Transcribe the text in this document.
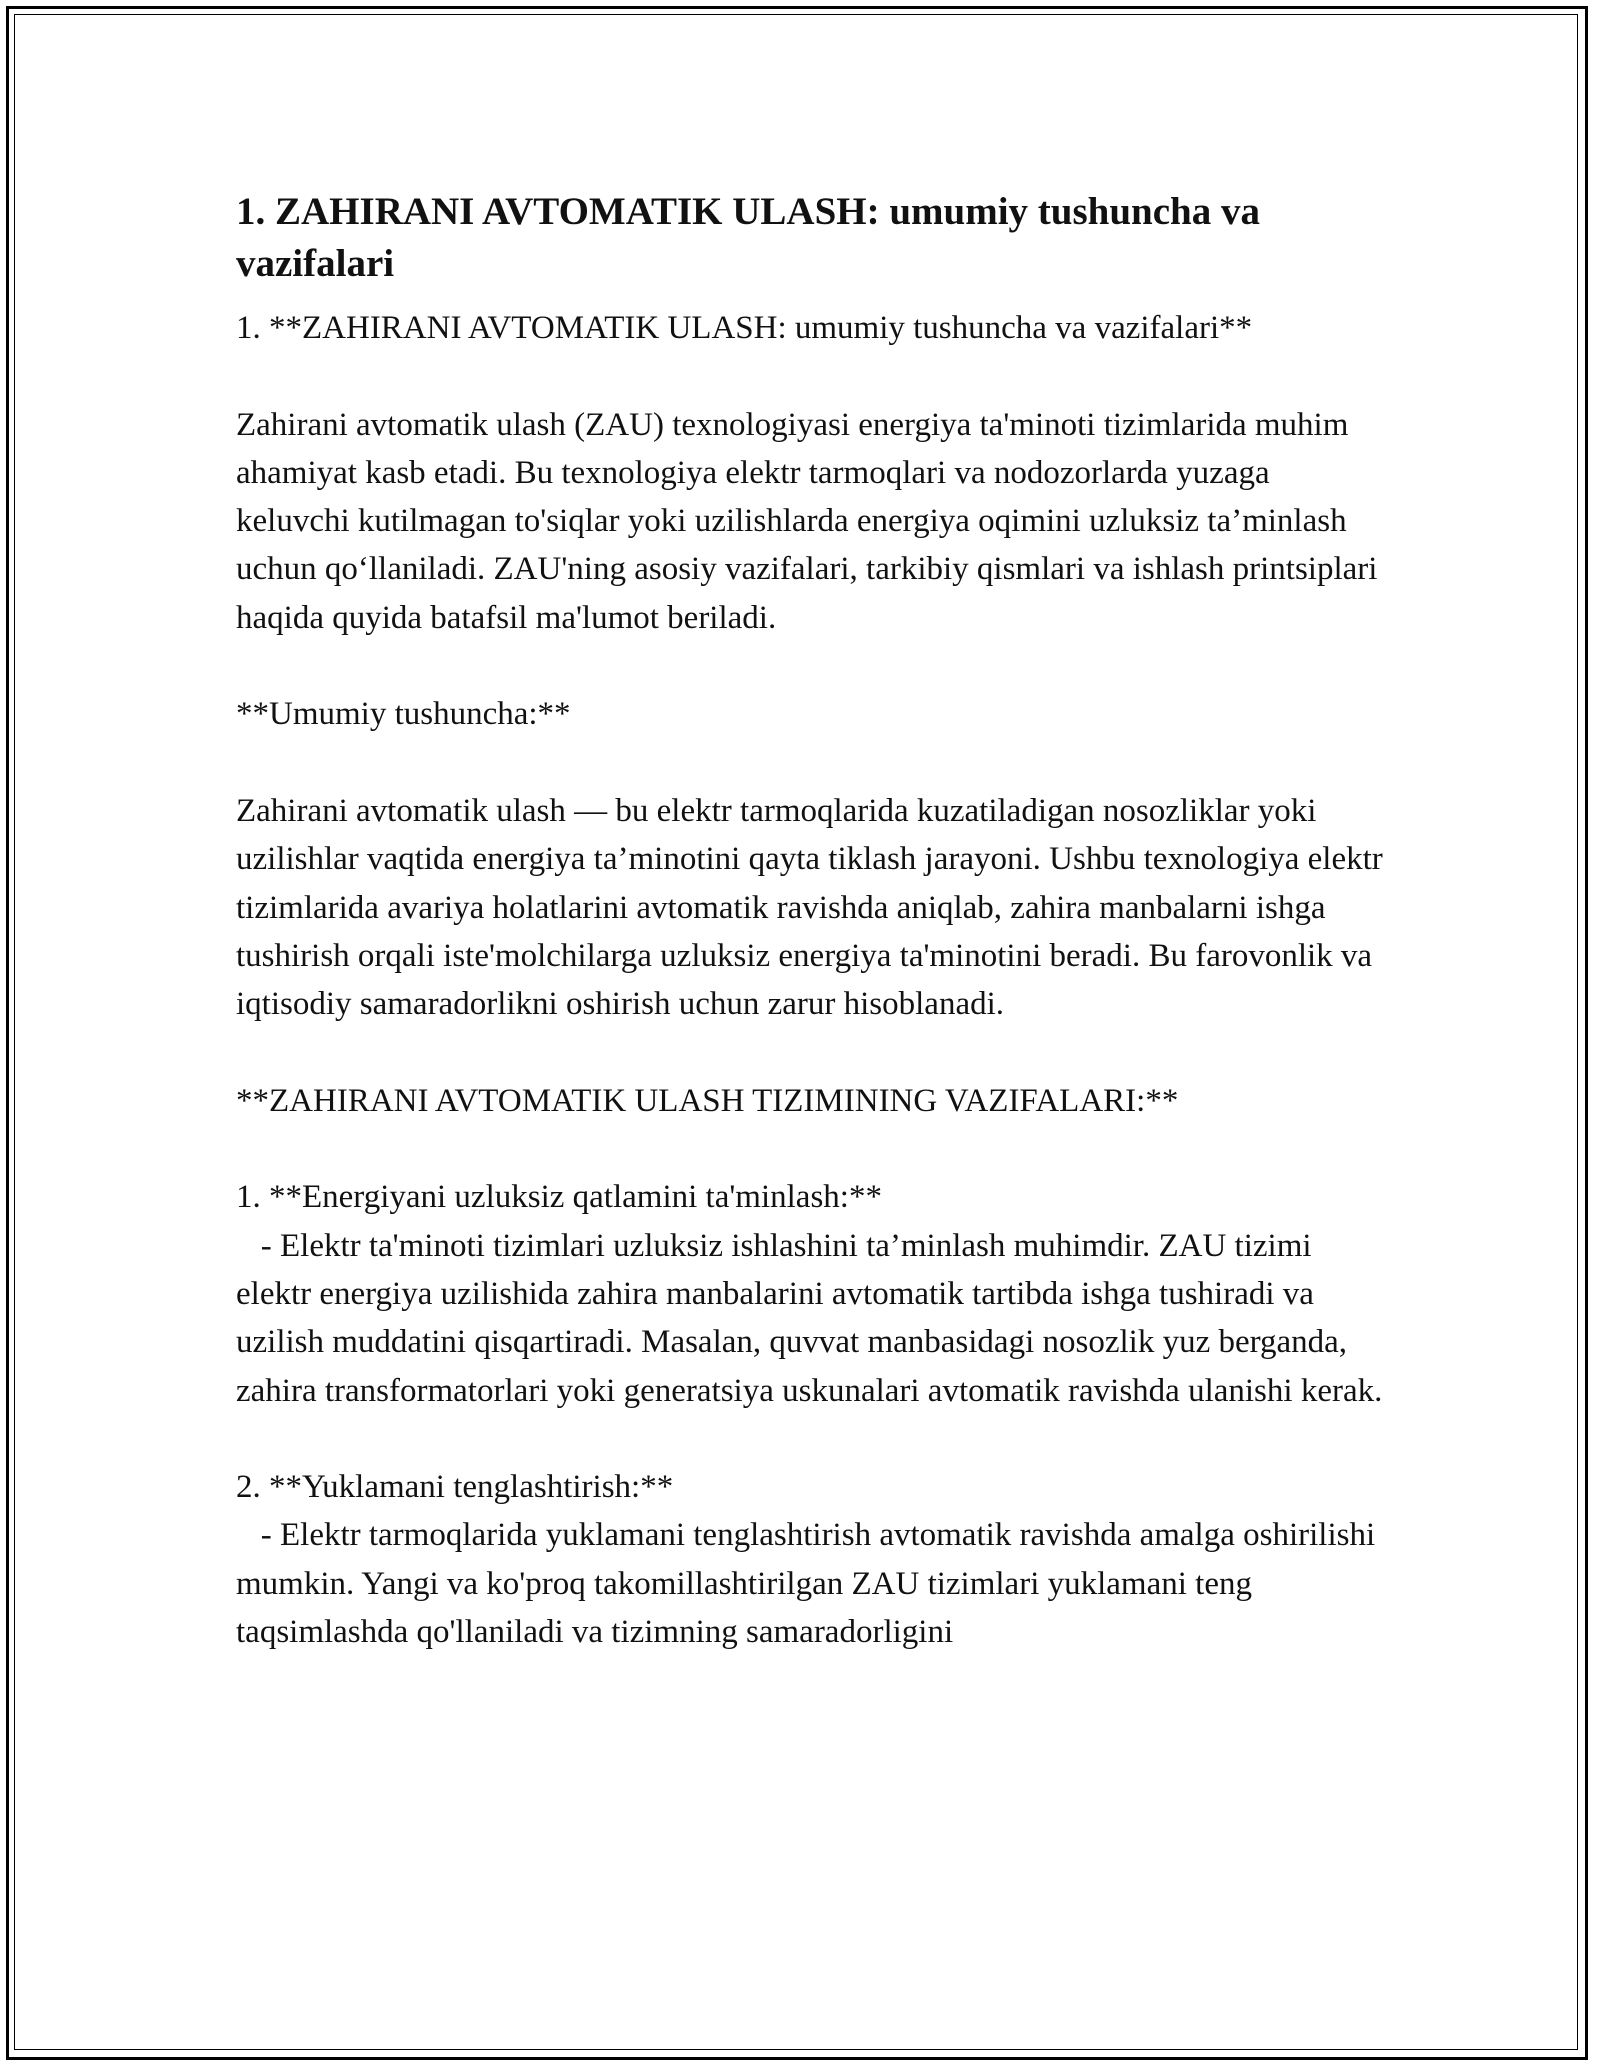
1. ZAHIRANI AVTOMATIK ULASH: umumiy tushuncha va vazifalari

1. **ZAHIRANI AVTOMATIK ULASH: umumiy tushuncha va vazifalari**

Zahirani avtomatik ulash (ZAU) texnologiyasi energiya ta'minoti tizimlarida muhim ahamiyat kasb etadi. Bu texnologiya elektr tarmoqlari va nodozorlarda yuzaga keluvchi kutilmagan to'siqlar yoki uzilishlarda energiya oqimini uzluksiz ta’minlash uchun qo‘llaniladi. ZAU'ning asosiy vazifalari, tarkibiy qismlari va ishlash printsiplari haqida quyida batafsil ma'lumot beriladi.

**Umumiy tushuncha:**

Zahirani avtomatik ulash — bu elektr tarmoqlarida kuzatiladigan nosozliklar yoki uzilishlar vaqtida energiya ta’minotini qayta tiklash jarayoni. Ushbu texnologiya elektr tizimlarida avariya holatlarini avtomatik ravishda aniqlab, zahira manbalarni ishga tushirish orqali iste'molchilarga uzluksiz energiya ta'minotini beradi. Bu farovonlik va iqtisodiy samaradorlikni oshirish uchun zarur hisoblanadi.

**ZAHIRANI AVTOMATIK ULASH TIZIMINING VAZIFALARI:**

1. **Energiyani uzluksiz qatlamini ta'minlash:**
- Elektr ta'minoti tizimlari uzluksiz ishlashini ta’minlash muhimdir. ZAU tizimi elektr energiya uzilishida zahira manbalarini avtomatik tartibda ishga tushiradi va uzilish muddatini qisqartiradi. Masalan, quvvat manbasidagi nosozlik yuz berganda, zahira transformatorlari yoki generatsiya uskunalari avtomatik ravishda ulanishi kerak.

2. **Yuklamani tenglashtirish:**
- Elektr tarmoqlarida yuklamani tenglashtirish avtomatik ravishda amalga oshirilishi mumkin. Yangi va ko'proq takomillashtirilgan ZAU tizimlari yuklamani teng taqsimlashda qo'llaniladi va tizimning samaradorligini
